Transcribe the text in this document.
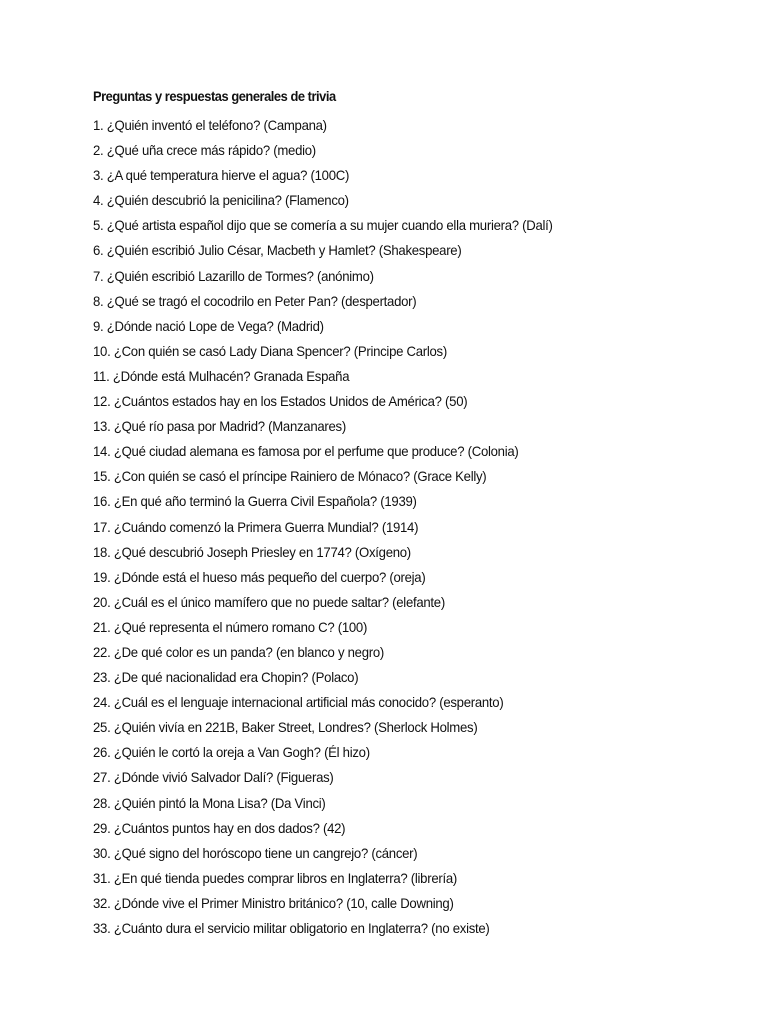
Preguntas y respuestas generales de trivia
1. ¿Quién inventó el teléfono? (Campana)
2. ¿Qué uña crece más rápido? (medio)
3. ¿A qué temperatura hierve el agua? (100C)
4. ¿Quién descubrió la penicilina? (Flamenco)
5. ¿Qué artista español dijo que se comería a su mujer cuando ella muriera? (Dalí)
6. ¿Quién escribió Julio César, Macbeth y Hamlet? (Shakespeare)
7. ¿Quién escribió Lazarillo de Tormes? (anónimo)
8. ¿Qué se tragó el cocodrilo en Peter Pan? (despertador)
9. ¿Dónde nació Lope de Vega? (Madrid)
10. ¿Con quién se casó Lady Diana Spencer? (Principe Carlos)
11. ¿Dónde está Mulhacén? Granada España
12. ¿Cuántos estados hay en los Estados Unidos de América? (50)
13. ¿Qué río pasa por Madrid? (Manzanares)
14. ¿Qué ciudad alemana es famosa por el perfume que produce? (Colonia)
15. ¿Con quién se casó el príncipe Rainiero de Mónaco? (Grace Kelly)
16. ¿En qué año terminó la Guerra Civil Española? (1939)
17. ¿Cuándo comenzó la Primera Guerra Mundial? (1914)
18. ¿Qué descubrió Joseph Priesley en 1774? (Oxígeno)
19. ¿Dónde está el hueso más pequeño del cuerpo? (oreja)
20. ¿Cuál es el único mamífero que no puede saltar? (elefante)
21. ¿Qué representa el número romano C? (100)
22. ¿De qué color es un panda? (en blanco y negro)
23. ¿De qué nacionalidad era Chopin? (Polaco)
24. ¿Cuál es el lenguaje internacional artificial más conocido? (esperanto)
25. ¿Quién vivía en 221B, Baker Street, Londres? (Sherlock Holmes)
26. ¿Quién le cortó la oreja a Van Gogh? (Él hizo)
27. ¿Dónde vivió Salvador Dalí? (Figueras)
28. ¿Quién pintó la Mona Lisa? (Da Vinci)
29. ¿Cuántos puntos hay en dos dados? (42)
30. ¿Qué signo del horóscopo tiene un cangrejo? (cáncer)
31. ¿En qué tienda puedes comprar libros en Inglaterra? (librería)
32. ¿Dónde vive el Primer Ministro británico? (10, calle Downing)
33. ¿Cuánto dura el servicio militar obligatorio en Inglaterra? (no existe)
